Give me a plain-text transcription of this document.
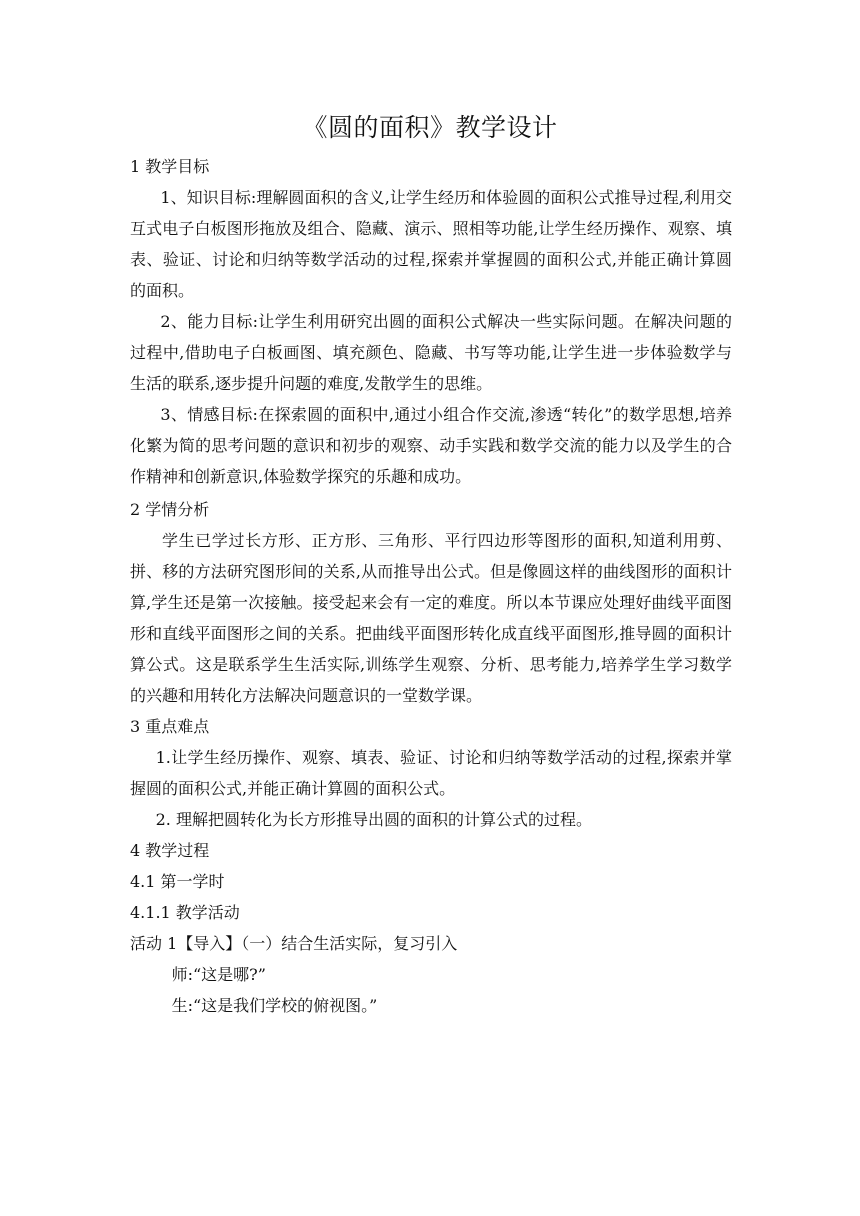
《圆的面积》教学设计

1 教学目标

1、知识目标:理解圆面积的含义,让学生经历和体验圆的面积公式推导过程,利用交互式电子白板图形拖放及组合、隐藏、演示、照相等功能,让学生经历操作、观察、填表、验证、讨论和归纳等数学活动的过程,探索并掌握圆的面积公式,并能正确计算圆的面积。

2、能力目标:让学生利用研究出圆的面积公式解决一些实际问题。在解决问题的过程中,借助电子白板画图、填充颜色、隐藏、书写等功能,让学生进一步体验数学与生活的联系,逐步提升问题的难度,发散学生的思维。

3、情感目标:在探索圆的面积中,通过小组合作交流,渗透“转化”的数学思想,培养化繁为简的思考问题的意识和初步的观察、动手实践和数学交流的能力以及学生的合作精神和创新意识,体验数学探究的乐趣和成功。

2 学情分析

学生已学过长方形、正方形、三角形、平行四边形等图形的面积,知道利用剪、拼、移的方法研究图形间的关系,从而推导出公式。但是像圆这样的曲线图形的面积计算,学生还是第一次接触。接受起来会有一定的难度。所以本节课应处理好曲线平面图形和直线平面图形之间的关系。把曲线平面图形转化成直线平面图形,推导圆的面积计算公式。这是联系学生生活实际,训练学生观察、分析、思考能力,培养学生学习数学的兴趣和用转化方法解决问题意识的一堂数学课。

3 重点难点

1.让学生经历操作、观察、填表、验证、讨论和归纳等数学活动的过程,探索并掌握圆的面积公式,并能正确计算圆的面积公式。

2. 理解把圆转化为长方形推导出圆的面积的计算公式的过程。

4 教学过程

4.1 第一学时

4.1.1 教学活动

活动 1【导入】（一）结合生活实际，复习引入

师:“这是哪?”

生:“这是我们学校的俯视图。”
